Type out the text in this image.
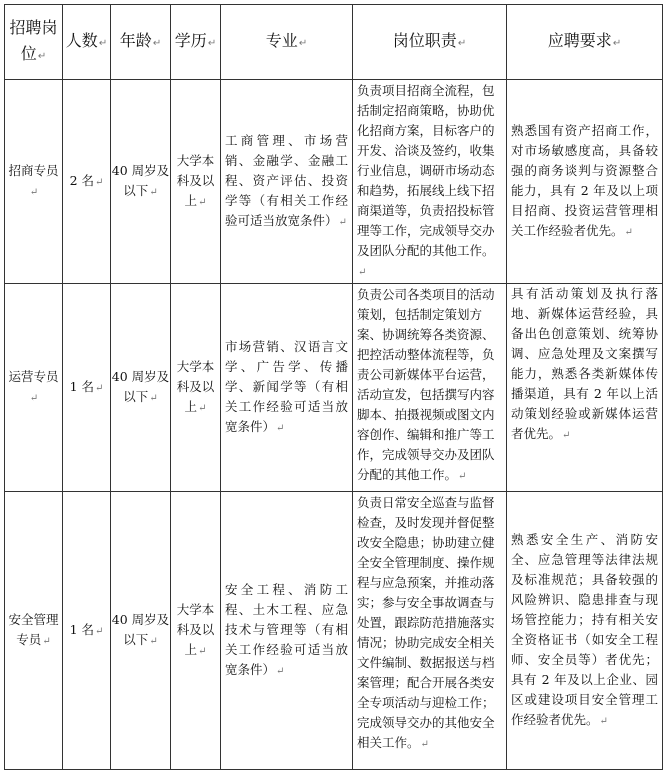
招聘岗位↵	人数↵	年龄↵	学历↵	专业↵	岗位职责↵	应聘要求↵
招商专员↵	2 名↵	40 周岁及以下↵	大学本科及以上↵	工商管理、市场营销、金融学、金融工程、资产评估、投资学等（有相关工作经验可适当放宽条件）↵	负责项目招商全流程，包括制定招商策略，协助优化招商方案，目标客户的开发、洽谈及签约，收集行业信息，调研市场动态和趋势，拓展线上线下招商渠道等，负责招投标管理等工作，完成领导交办及团队分配的其他工作。↵	熟悉国有资产招商工作，对市场敏感度高，具备较强的商务谈判与资源整合能力，具有 2 年及以上项目招商、投资运营管理相关工作经验者优先。↵
运营专员↵	1 名↵	40 周岁及以下↵	大学本科及以上↵	市场营销、汉语言文学、广告学、传播学、新闻学等（有相关工作经验可适当放宽条件）↵	负责公司各类项目的活动策划，包括制定策划方案、协调统筹各类资源、把控活动整体流程等，负责公司新媒体平台运营，活动宣发，包括撰写内容脚本、拍摄视频或图文内容创作、编辑和推广等工作，完成领导交办及团队分配的其他工作。↵	具有活动策划及执行落地、新媒体运营经验，具备出色创意策划、统筹协调、应急处理及文案撰写能力，熟悉各类新媒体传播渠道，具有 2 年以上活动策划经验或新媒体运营者优先。↵
安全管理专员↵	1 名↵	40 周岁及以下↵	大学本科及以上↵	安全工程、消防工程、土木工程、应急技术与管理等（有相关工作经验可适当放宽条件）↵	负责日常安全巡查与监督检查，及时发现并督促整改安全隐患；协助建立健全安全管理制度、操作规程与应急预案，并推动落实；参与安全事故调查与处置，跟踪防范措施落实情况；协助完成安全相关文件编制、数据报送与档案管理；配合开展各类安全专项活动与迎检工作；完成领导交办的其他安全相关工作。↵	熟悉安全生产、消防安全、应急管理等法律法规及标准规范；具备较强的风险辨识、隐患排查与现场管控能力；持有相关安全资格证书（如安全工程师、安全员等）者优先；具有 2 年及以上企业、园区或建设项目安全管理工作经验者优先。↵
